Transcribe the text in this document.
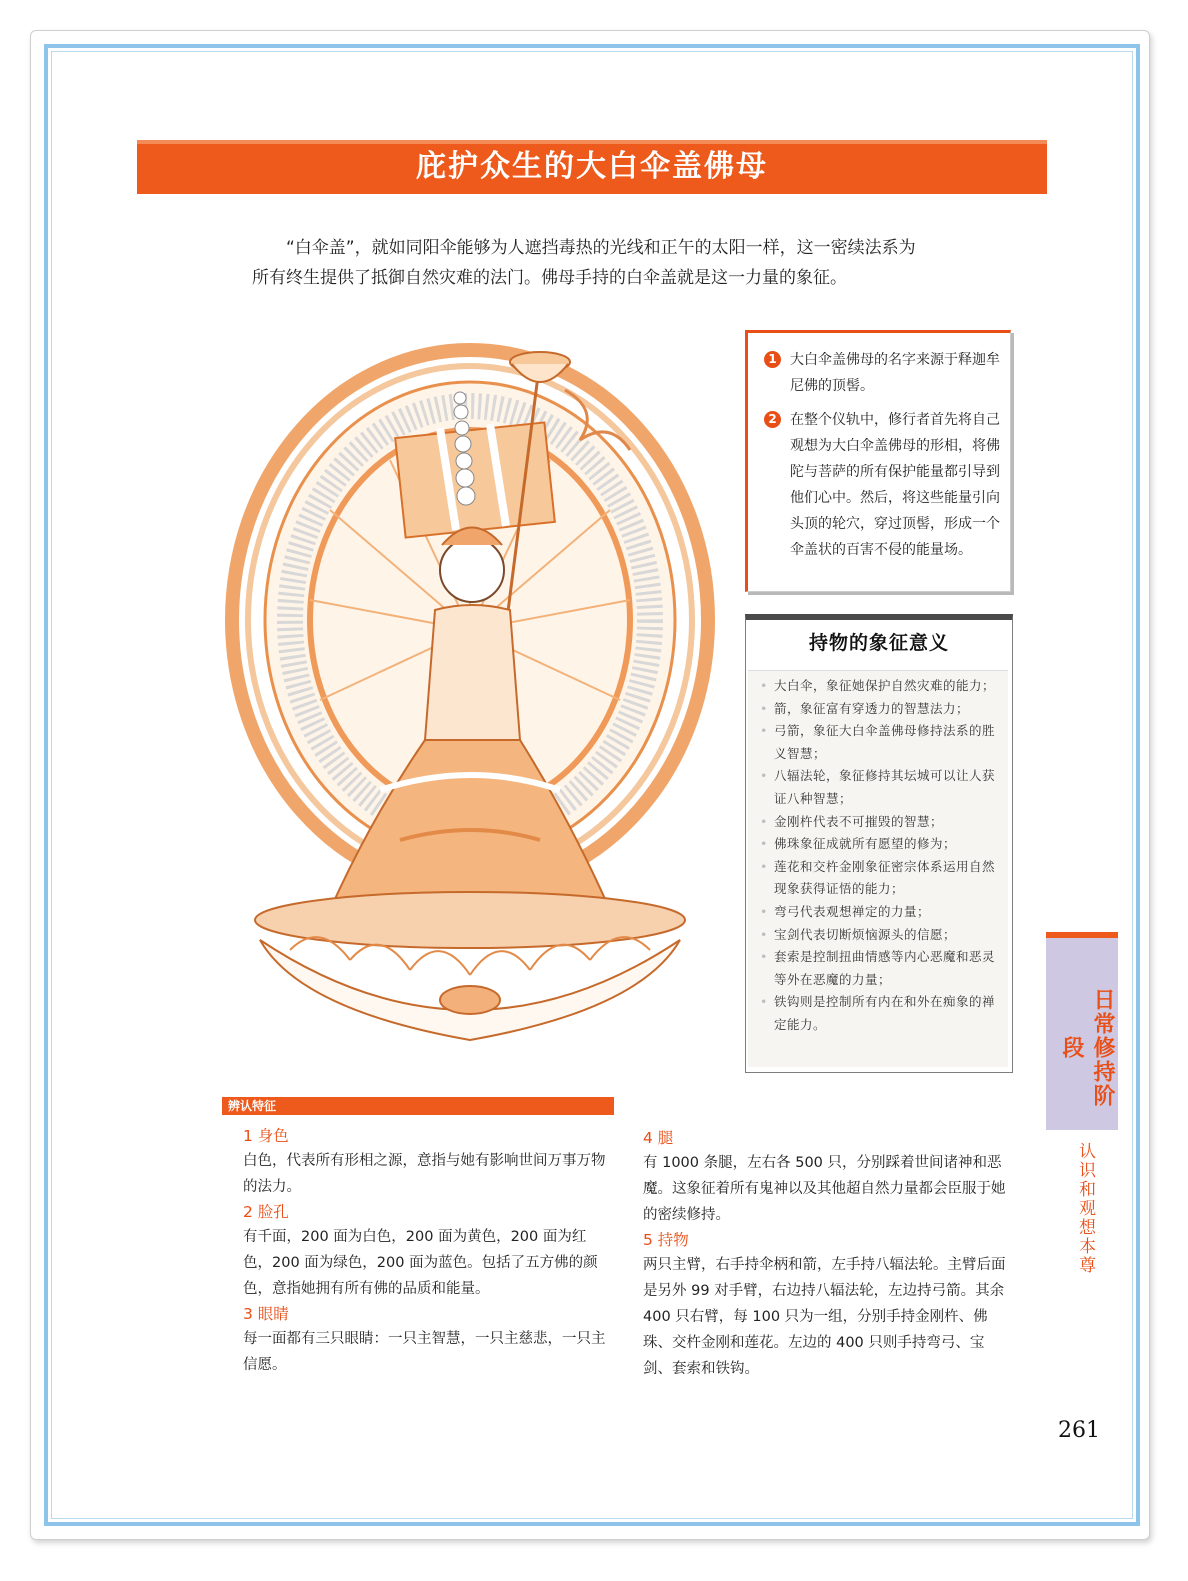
庇护众生的大白伞盖佛母

“白伞盖”，就如同阳伞能够为人遮挡毒热的光线和正午的太阳一样，这一密续法系为

所有终生提供了抵御自然灾难的法门。佛母手持的白伞盖就是这一力量的象征。

1 大白伞盖佛母的名字来源于释迦牟尼佛的顶髻。
2 在整个仪轨中，修行者首先将自己观想为大白伞盖佛母的形相，将佛陀与菩萨的所有保护能量都引导到他们心中。然后，将这些能量引向头顶的轮穴，穿过顶髻，形成一个伞盖状的百害不侵的能量场。
持物的象征意义
• 大白伞，象征她保护自然灾难的能力；
• 箭，象征富有穿透力的智慧法力；
• 弓箭，象征大白伞盖佛母修持法系的胜义智慧；
• 八辐法轮，象征修持其坛城可以让人获证八种智慧；
• 金刚杵代表不可摧毁的智慧；
• 佛珠象征成就所有愿望的修为；
• 莲花和交杵金刚象征密宗体系运用自然现象获得证悟的能力；
• 弯弓代表观想禅定的力量；
• 宝剑代表切断烦恼源头的信愿；
• 套索是控制扭曲情感等内心恶魔和恶灵等外在恶魔的力量；
• 铁钩则是控制所有内在和外在痴象的禅定能力。	日常修持阶段
认识和观想本尊
辨认特征
1 身色

白色，代表所有形相之源，意指与她有影响世间万事万物的法力。

2 脸孔

有千面，200 面为白色，200 面为黄色，200 面为红色，200 面为绿色，200 面为蓝色。包括了五方佛的颜色，意指她拥有所有佛的品质和能量。

3 眼睛

每一面都有三只眼睛：一只主智慧，一只主慈悲，一只主信愿。

4 腿

有 1000 条腿，左右各 500 只，分别踩着世间诸神和恶魔。这象征着所有鬼神以及其他超自然力量都会臣服于她的密续修持。

5 持物

两只主臂，右手持伞柄和箭，左手持八辐法轮。主臂后面是另外 99 对手臂，右边持八辐法轮，左边持弓箭。其余 400 只右臂，每 100 只为一组，分别手持金刚杵、佛珠、交杵金刚和莲花。左边的 400 只则手持弯弓、宝剑、套索和铁钩。

261
